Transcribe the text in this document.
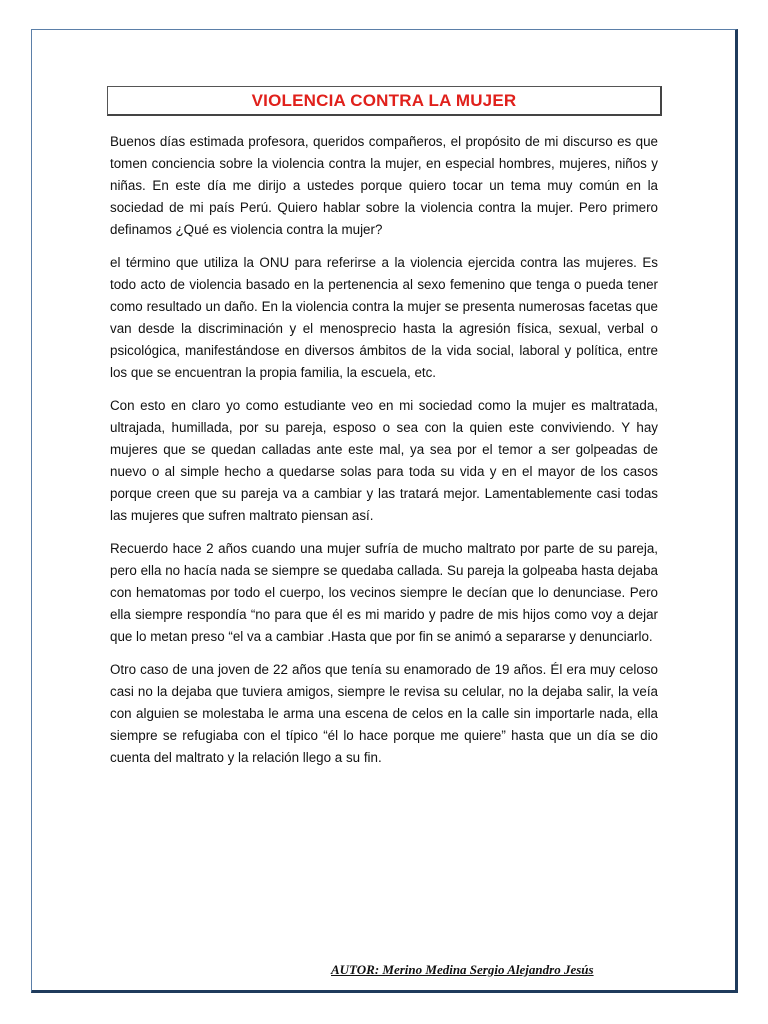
VIOLENCIA CONTRA LA MUJER

Buenos días estimada profesora, queridos compañeros, el propósito de mi discurso es que tomen conciencia sobre la violencia contra la mujer, en especial hombres, mujeres, niños y niñas. En este día me dirijo a ustedes porque quiero tocar un tema muy común en la sociedad de mi país Perú. Quiero hablar sobre la violencia contra la mujer. Pero primero definamos ¿Qué es violencia contra la mujer?

el término que utiliza la ONU para referirse a la violencia ejercida contra las mujeres. Es todo acto de violencia basado en la pertenencia al sexo femenino que tenga o pueda tener como resultado un daño. En la violencia contra la mujer se presenta numerosas facetas que van desde la discriminación y el menosprecio hasta la agresión física, sexual, verbal o psicológica, manifestándose en diversos ámbitos de la vida social, laboral y política, entre los que se encuentran la propia familia, la escuela, etc.

Con esto en claro yo como estudiante veo en mi sociedad como la mujer es maltratada, ultrajada, humillada, por su pareja, esposo o sea con la quien este conviviendo. Y hay mujeres que se quedan calladas ante este mal, ya sea por el temor a ser golpeadas de nuevo o al simple hecho a quedarse solas para toda su vida y en el mayor de los casos porque creen que su pareja va a cambiar y las tratará mejor. Lamentablemente casi todas las mujeres que sufren maltrato piensan así.

Recuerdo hace 2 años cuando una mujer sufría de mucho maltrato por parte de su pareja, pero ella no hacía nada se siempre se quedaba callada. Su pareja la golpeaba hasta dejaba con hematomas por todo el cuerpo, los vecinos siempre le decían que lo denunciase. Pero ella siempre respondía “no para que él es mi marido y padre de mis hijos como voy a dejar que lo metan preso “el va a cambiar .Hasta que por fin se animó a separarse y denunciarlo.

Otro caso de una joven de 22 años que tenía su enamorado de 19 años. Él era muy celoso casi no la dejaba que tuviera amigos, siempre le revisa su celular, no la dejaba salir, la veía con alguien se molestaba le arma una escena de celos en la calle sin importarle nada, ella siempre se refugiaba con el típico “él lo hace porque me quiere” hasta que un día se dio cuenta del maltrato y la relación llego a su fin.

AUTOR: Merino Medina Sergio Alejandro Jesús
